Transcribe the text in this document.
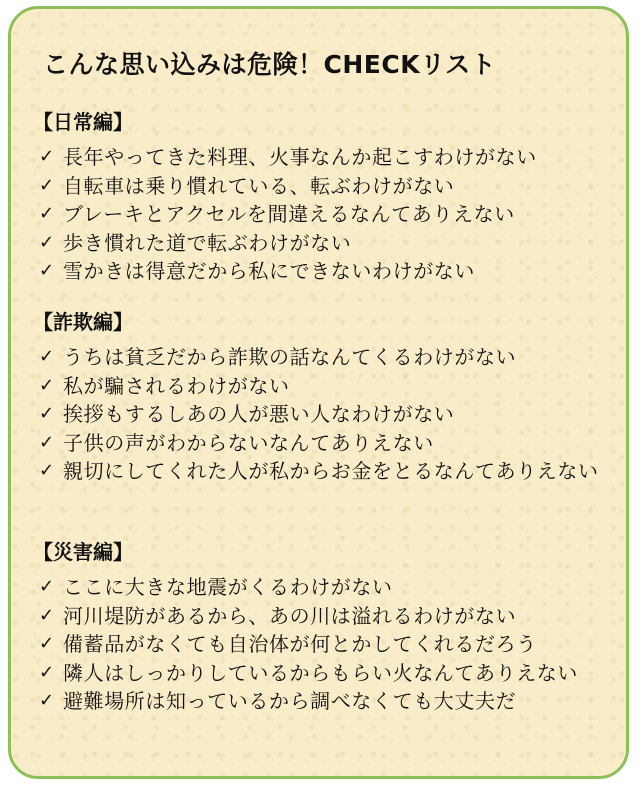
こんな思い込みは危険！CHECKリスト
【日常編】
✓ 長年やってきた料理、火事なんか起こすわけがない
✓ 自転車は乗り慣れている、転ぶわけがない
✓ ブレーキとアクセルを間違えるなんてありえない
✓ 歩き慣れた道で転ぶわけがない
✓ 雪かきは得意だから私にできないわけがない
【詐欺編】
✓ うちは貧乏だから詐欺の話なんてくるわけがない
✓ 私が騙されるわけがない
✓ 挨拶もするしあの人が悪い人なわけがない
✓ 子供の声がわからないなんてありえない
✓ 親切にしてくれた人が私からお金をとるなんてありえない
【災害編】
✓ ここに大きな地震がくるわけがない
✓ 河川堤防があるから、あの川は溢れるわけがない
✓ 備蓄品がなくても自治体が何とかしてくれるだろう
✓ 隣人はしっかりしているからもらい火なんてありえない
✓ 避難場所は知っているから調べなくても大丈夫だ
